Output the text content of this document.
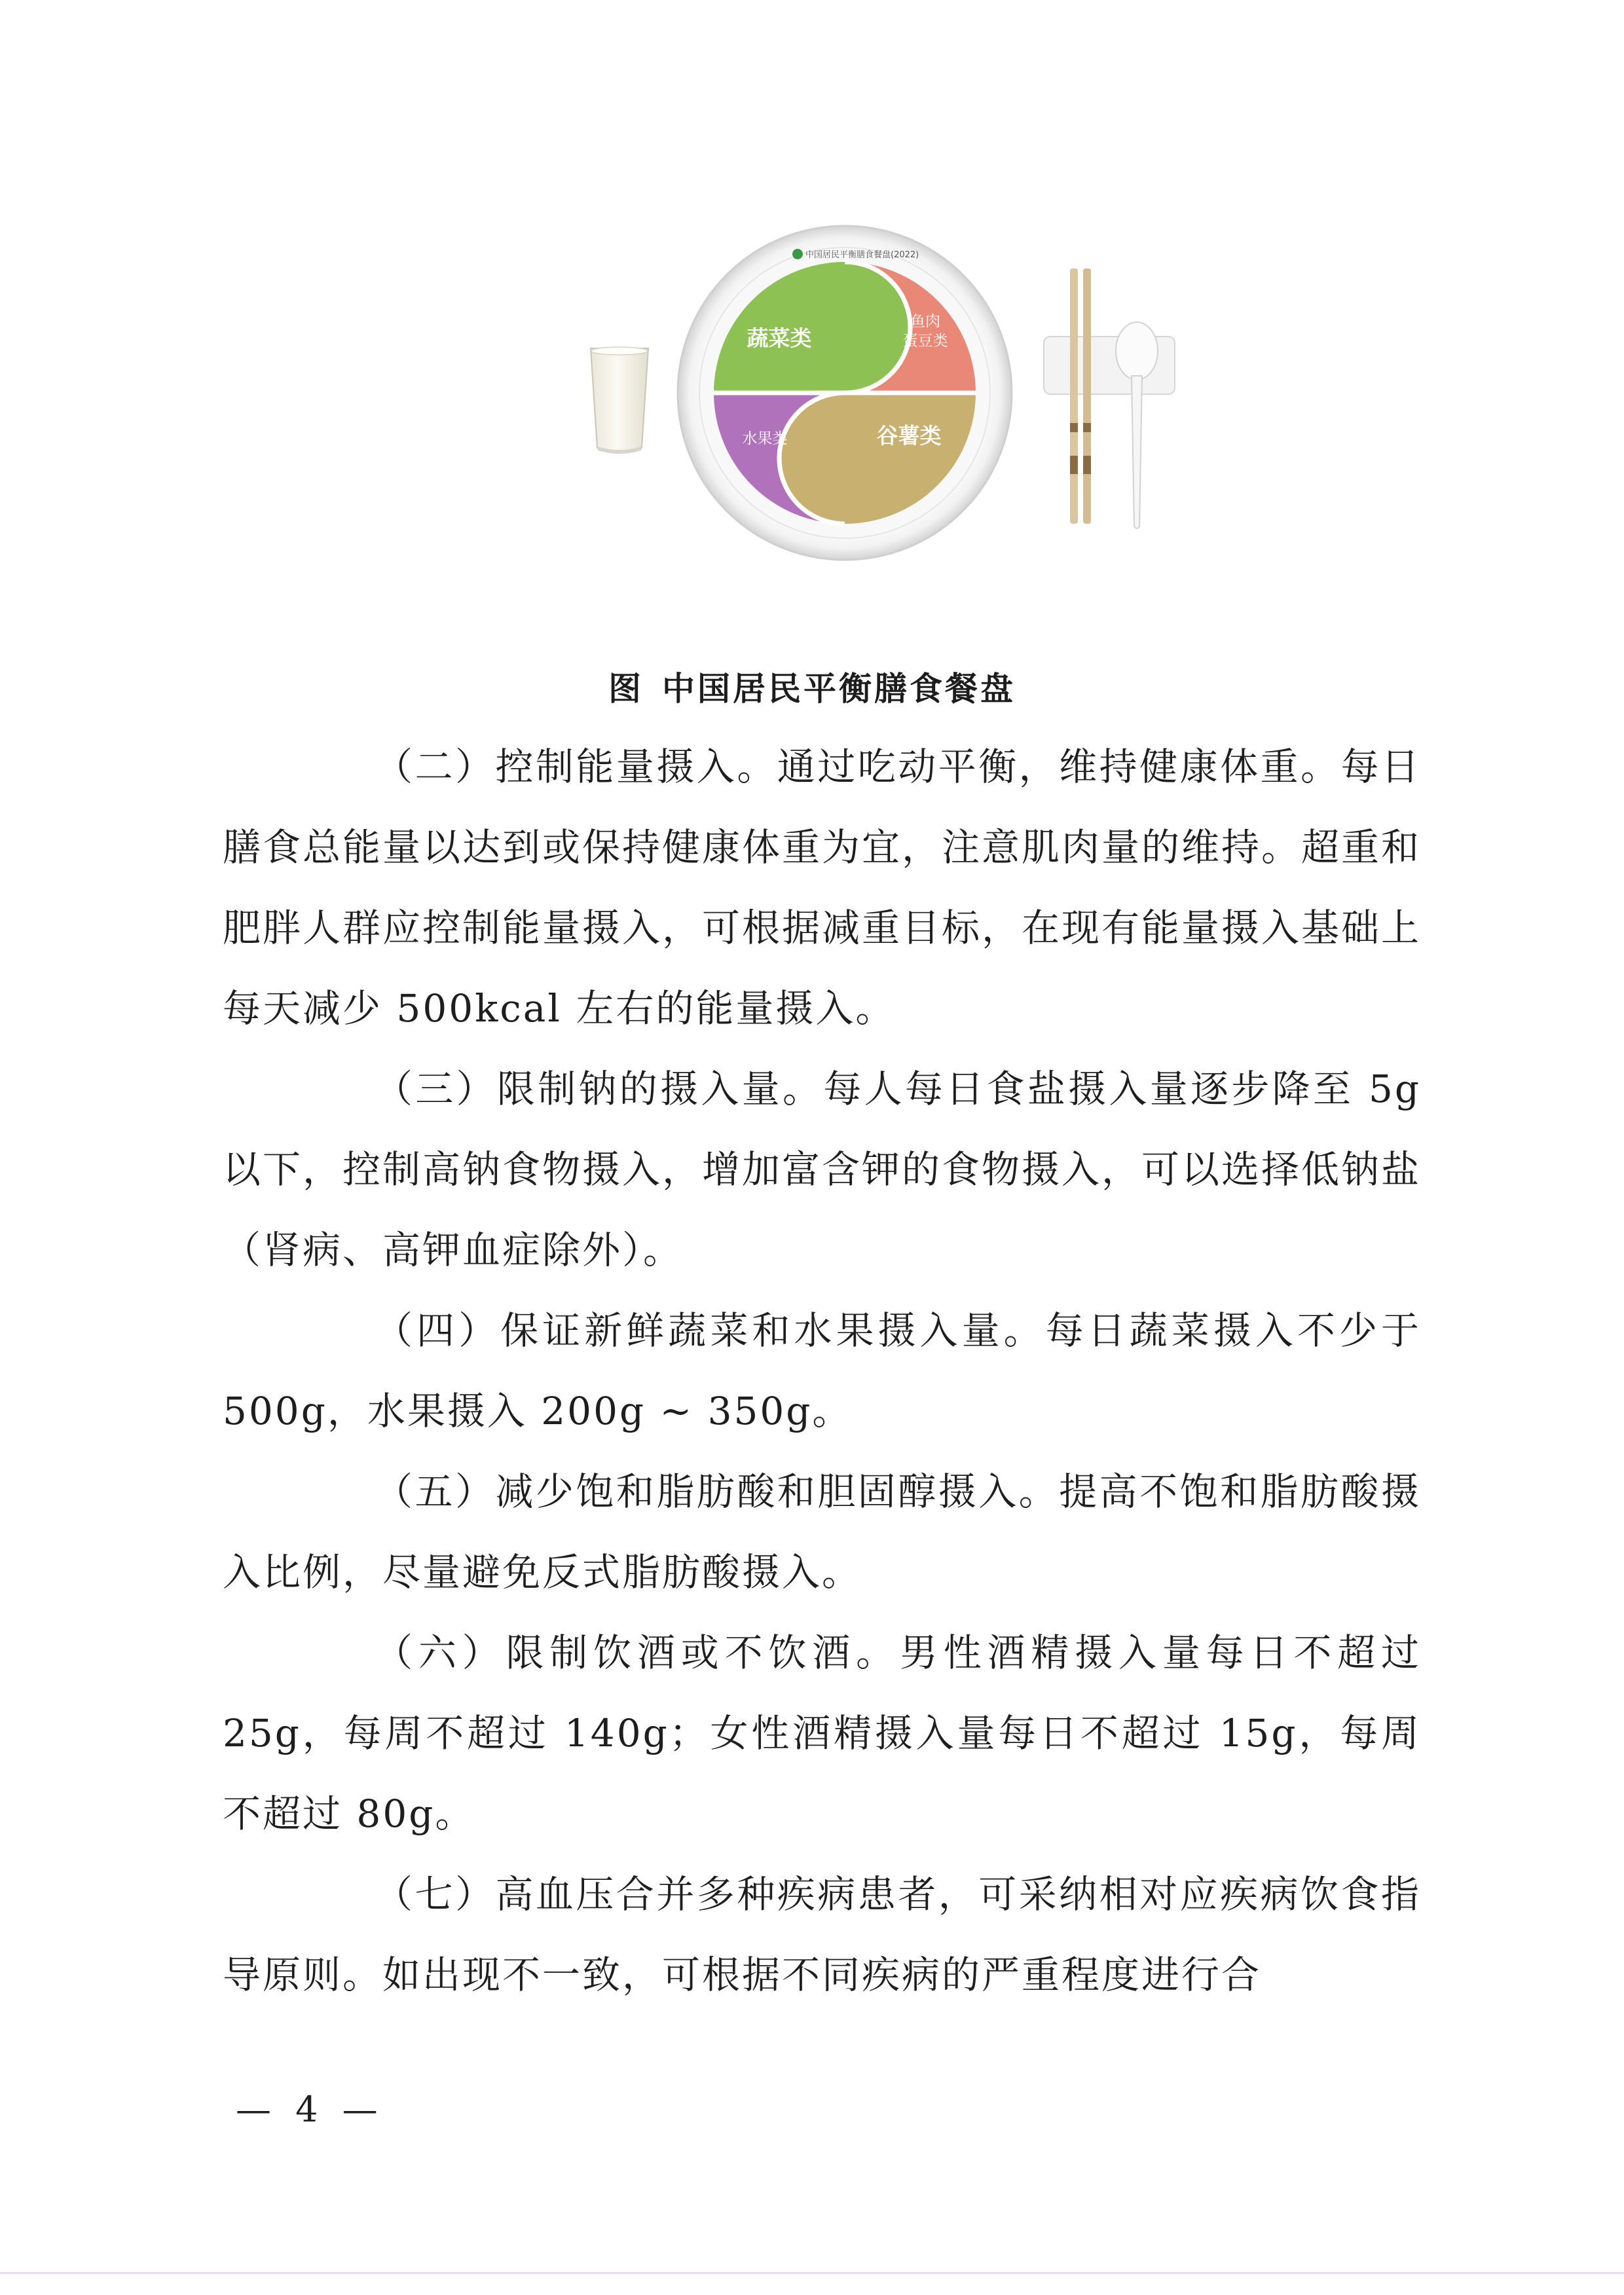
中国居民平衡膳食餐盘(2022)
蔬菜类
鱼肉
蛋豆类
水果类	谷薯类
图 中国居民平衡膳食餐盘

（二）控制能量摄入。通过吃动平衡，维持健康体重。每日膳食总能量以达到或保持健康体重为宜，注意肌肉量的维持。超重和肥胖人群应控制能量摄入，可根据减重目标，在现有能量摄入基础上每天减少 500kcal 左右的能量摄入。

（三）限制钠的摄入量。每人每日食盐摄入量逐步降至 5g 以下，控制高钠食物摄入，增加富含钾的食物摄入，可以选择低钠盐（肾病、高钾血症除外）。

（四）保证新鲜蔬菜和水果摄入量。每日蔬菜摄入不少于 500g，水果摄入 200g ~ 350g。

（五）减少饱和脂肪酸和胆固醇摄入。提高不饱和脂肪酸摄入比例，尽量避免反式脂肪酸摄入。

（六）限制饮酒或不饮酒。男性酒精摄入量每日不超过 25g，每周不超过 140g；女性酒精摄入量每日不超过 15g，每周不超过 80g。

（七）高血压合并多种疾病患者，可采纳相对应疾病饮食指导原则。如出现不一致，可根据不同疾病的严重程度进行合

— 4 —
